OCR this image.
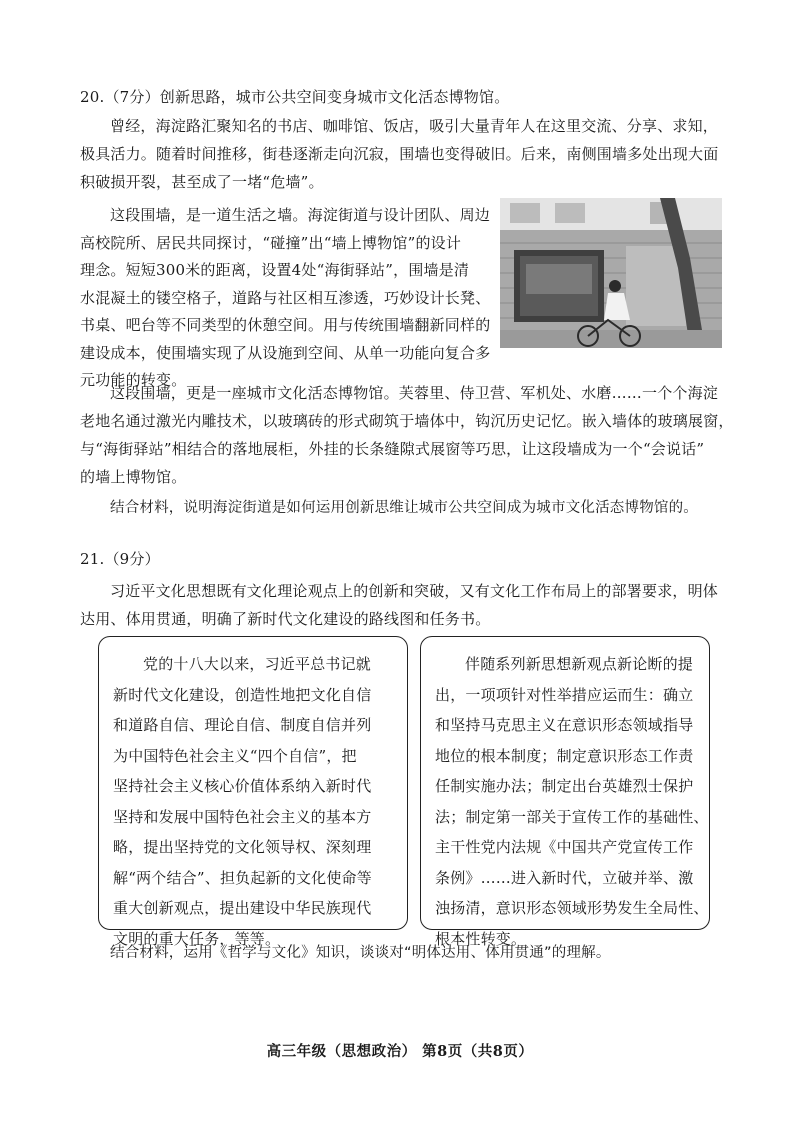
20.（7分）创新思路，城市公共空间变身城市文化活态博物馆。
曾经，海淀路汇聚知名的书店、咖啡馆、饭店，吸引大量青年人在这里交流、分享、求知，
极具活力。随着时间推移，街巷逐渐走向沉寂，围墙也变得破旧。后来，南侧围墙多处出现大面
积破损开裂，甚至成了一堵“危墙”。
这段围墙，是一道生活之墙。海淀街道与设计团队、周边
高校院所、居民共同探讨，“碰撞”出“墙上博物馆”的设计
理念。短短300米的距离，设置4处“海街驿站”，围墙是清
水混凝土的镂空格子，道路与社区相互渗透，巧妙设计长凳、
书桌、吧台等不同类型的休憩空间。用与传统围墙翻新同样的
建设成本，使围墙实现了从设施到空间、从单一功能向复合多
元功能的转变。
这段围墙，更是一座城市文化活态博物馆。芙蓉里、侍卫营、军机处、水磨……一个个海淀
老地名通过激光内雕技术，以玻璃砖的形式砌筑于墙体中，钩沉历史记忆。嵌入墙体的玻璃展窗，
与“海街驿站”相结合的落地展柜，外挂的长条缝隙式展窗等巧思，让这段墙成为一个“会说话”
的墙上博物馆。
结合材料，说明海淀街道是如何运用创新思维让城市公共空间成为城市文化活态博物馆的。
21.（9分）
习近平文化思想既有文化理论观点上的创新和突破，又有文化工作布局上的部署要求，明体
达用、体用贯通，明确了新时代文化建设的路线图和任务书。
党的十八大以来，习近平总书记就
新时代文化建设，创造性地把文化自信
和道路自信、理论自信、制度自信并列
为中国特色社会主义“四个自信”，把
坚持社会主义核心价值体系纳入新时代
坚持和发展中国特色社会主义的基本方
略，提出坚持党的文化领导权、深刻理
解“两个结合”、担负起新的文化使命等
重大创新观点，提出建设中华民族现代
文明的重大任务，等等。
伴随系列新思想新观点新论断的提
出，一项项针对性举措应运而生：确立
和坚持马克思主义在意识形态领域指导
地位的根本制度；制定意识形态工作责
任制实施办法；制定出台英雄烈士保护
法；制定第一部关于宣传工作的基础性、
主干性党内法规《中国共产党宣传工作
条例》……进入新时代，立破并举、激
浊扬清，意识形态领域形势发生全局性、
根本性转变。
结合材料，运用《哲学与文化》知识，谈谈对“明体达用、体用贯通”的理解。
高三年级（思想政治） 第8页（共8页）
